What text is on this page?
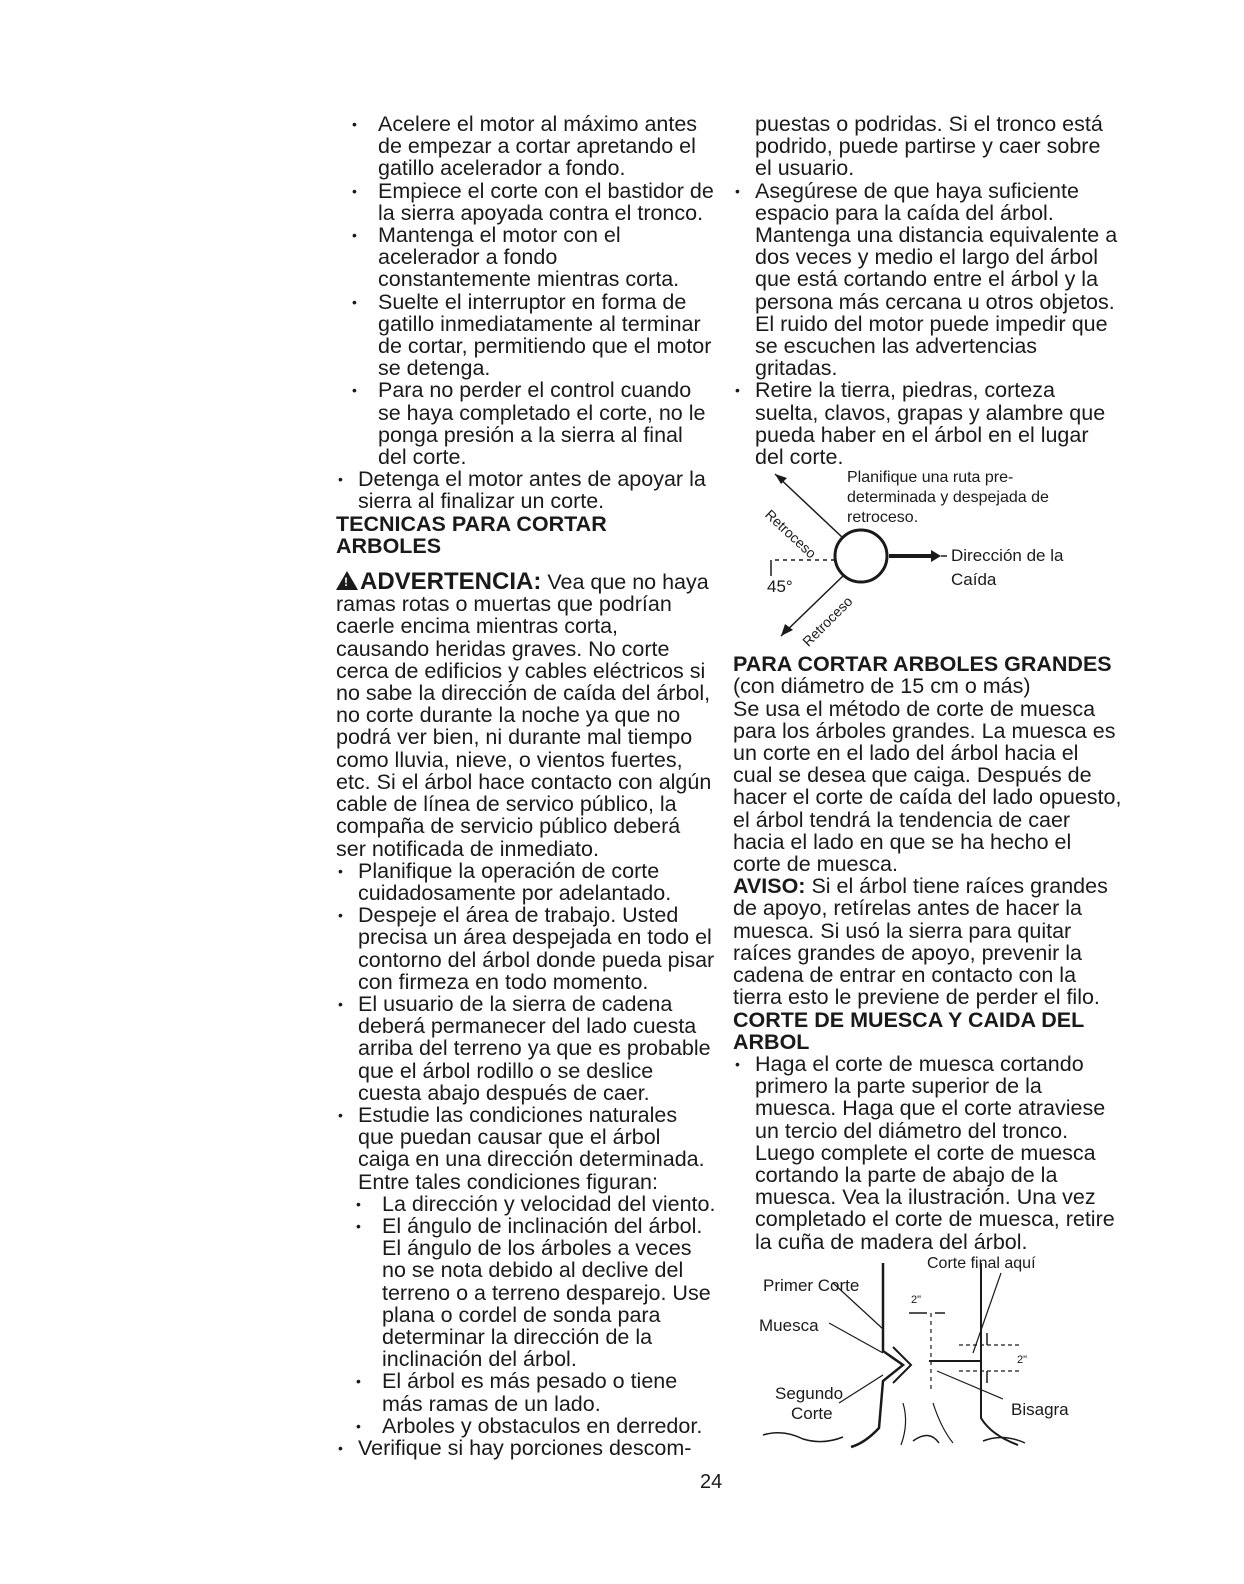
• Acelere el motor al máximo antes de empezar a cortar apretando el gatillo acelerador a fondo.

• Empiece el corte con el bastidor de la sierra apoyada contra el tronco.

• Mantenga el motor con el acelerador a fondo constantemente mientras corta.

• Suelte el interruptor en forma de gatillo inmediatamente al terminar de cortar, permitiendo que el motor se detenga.

• Para no perder el control cuando se haya completado el corte, no le ponga presión a la sierra al final del corte.

• Detenga el motor antes de apoyar la sierra al finalizar un corte.

TECNICAS PARA CORTAR ARBOLES

!ADVERTENCIA: Vea que no haya ramas rotas o muertas que podrían caerle encima mientras corta, causando heridas graves. No corte cerca de edificios y cables eléctricos si no sabe la dirección de caída del árbol, no corte durante la noche ya que no podrá ver bien, ni durante mal tiempo como lluvia, nieve, o vientos fuertes, etc. Si el árbol hace contacto con algún cable de línea de servico público, la compaña de servicio público deberá ser notificada de inmediato.

• Planifique la operación de corte cuidadosamente por adelantado.

• Despeje el área de trabajo. Usted precisa un área despejada en todo el contorno del árbol donde pueda pisar con firmeza en todo momento.

• El usuario de la sierra de cadena deberá permanecer del lado cuesta arriba del terreno ya que es probable que el árbol rodillo o se deslice cuesta abajo después de caer.

• Estudie las condiciones naturales que puedan causar que el árbol caiga en una dirección determinada. Entre tales condiciones figuran:

• La dirección y velocidad del viento.

• El ángulo de inclinación del árbol. El ángulo de los árboles a veces no se nota debido al declive del terreno o a terreno desparejo. Use plana o cordel de sonda para determinar la dirección de la inclinación del árbol.

• El árbol es más pesado o tiene más ramas de un lado.

• Arboles y obstaculos en derredor.

• Verifique si hay porciones descom-

puestas o podridas. Si el tronco está podrido, puede partirse y caer sobre el usuario.

• Asegúrese de que haya suficiente espacio para la caída del árbol. Mantenga una distancia equivalente a dos veces y medio el largo del árbol que está cortando entre el árbol y la persona más cercana u otros objetos. El ruido del motor puede impedir que se escuchen las advertencias gritadas.

• Retire la tierra, piedras, corteza suelta, clavos, grapas y alambre que pueda haber en el árbol en el lugar del corte.

Retroceso
Retroceso
Planifique una ruta pre-determinada y despejada de retroceso.
45°
Dirección de la Caída

PARA CORTAR ARBOLES GRANDES

(con diámetro de 15 cm o más)

Se usa el método de corte de muesca para los árboles grandes. La muesca es un corte en el lado del árbol hacia el cual se desea que caiga. Después de hacer el corte de caída del lado opuesto, el árbol tendrá la tendencia de caer hacia el lado en que se ha hecho el corte de muesca.

AVISO: Si el árbol tiene raíces grandes de apoyo, retírelas antes de hacer la muesca. Si usó la sierra para quitar raíces grandes de apoyo, prevenir la cadena de entrar en contacto con la tierra esto le previene de perder el filo.

CORTE DE MUESCA Y CAIDA DEL ARBOL

• Haga el corte de muesca cortando primero la parte superior de la muesca. Haga que el corte atraviese un tercio del diámetro del tronco. Luego complete el corte de muesca cortando la parte de abajo de la muesca. Vea la ilustración. Una vez completado el corte de muesca, retire la cuña de madera del árbol.

Corte final aquí
Primer Corte
Muesca
Segundo
Corte	Bisagra
2"
2"
24
